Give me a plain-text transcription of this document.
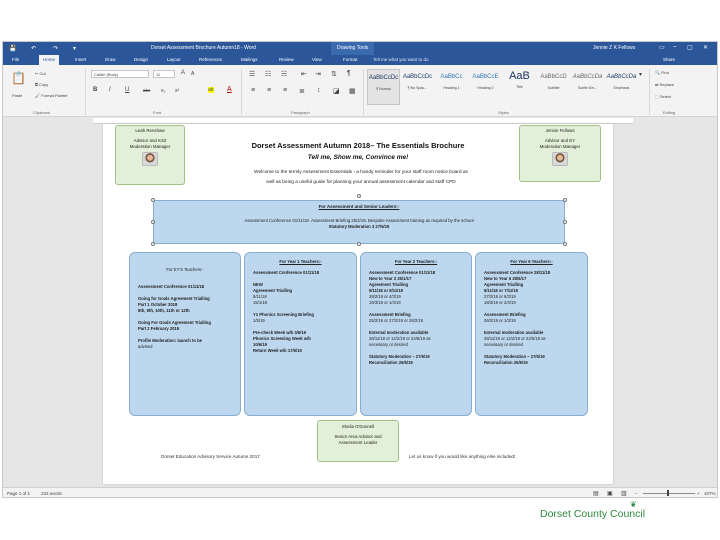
💾 ↶	↷ ▾	Dorset Assessment Brochure Autumn18 - Word	Drawing Tools	Jennie Z K Fellows	▭ – ▢ ✕
File	Home	Insert	Draw	Design	Layout	References	Mailings	Review	View	Format	Tell me what you want to do	Share
📋
Paste
✂ Cut
⧉ Copy
🖌 Format Painter
Clipboard
Calibri (Body)	11	A A
B I U	abc x₂ x²	ab A
Font
☰ ☷ ☵ ⇤ ⇥ ⇅ ¶
≡ ≡ ≡ ≣ ↕ ◪ ▦
Paragraph
AaBbCcDc
¶ Normal
AaBbCcDc
¶ No Spac...
AaBbCc
Heading 1
AaBbCcE
Heading 2
AaB
Title
AaBbCcD
Subtitle
AaBbCcDa
Subtle Em...
AaBbCcDa
Emphasis
▾
Styles
🔍 Find
⇄ Replace
⬚ Select
Editing
Leah Renshaw
Advisor and KS2
Moderation Manager
Jennie Fellows
Advisor and EY
Moderation Manager
Dorset Assessment Autumn 2018– The Essentials Brochure
Tell me, Show me, Convince me!
Welcome to the termly Assessment Essentials - a handy reminder for your staff room notice board as
well as being a useful guide for planning your annual assessment calendar and staff CPD
For Assessment and Senior Leaders:-
Assessment Conference 01/11/18. Assessment Briefing 25/2/19. Bespoke Assessment training as required by the school
Statutory Moderation 3 27/6/19
For EY'S Teachers:-
Assessment Conference 01/11/18
Going for Goals Agreement Trialling
Part 1 October 2018
8th, 9th, 10th, 11th or 12th
Going For Goals Agreement Trialling
Part 2 February 2019
Profile Moderation: launch to be
advised
For Year 1 Teachers:-
Assessment Conference 01/11/18
NEW
Agreement Trialling
5/11/18
15/1/19
Y1 Phonics Screening Briefing
1/5/19
Pre-check Week w/b 3/6/19
Phonics Screening Week w/b
10/6/19
Return Week w/b 17/6/19
For Year 2 Teachers:-
Assessment Conference 01/11/18
New to Year 2 25/1/17
Agreement Trialling
5/11/18 or 8/11/18
28/2/19 or 4/3/19
19/3/19 or 1/4/19
Assessment Briefing
25/2/19 or 27/2/19 or 28/2/19
External moderation available
28/11/18 or 12/2/19 or 22/5/19 as
necessary or desired
Statutory Moderation – 27/6/19
Reconciliation 26/6/19
For Year 6 Teachers:-
Assessment Conference 28/11/18
New to Year 6 28/6/17
Agreement Trialling
6/11/18 or 7/11/18
27/2/19 or 6/3/19
18/3/19 or 2/4/19
Assessment Briefing
26/2/19 or 1/3/19
External moderation available
28/11/18 or 12/2/19 or 22/5/19 as
necessary or desired
Statutory Moderation – 27/6/19
Reconciliation 26/6/19
Sheila O'Donnell
Senior Area Advisor and
Assessment Leader
Dorset Education Advisory Service Autumn 2017	Let us know if you would like anything else included!
Page 1 of 1 233 words	▤ ▣ ▥ –	+ 107%
❦
Dorset County Council
